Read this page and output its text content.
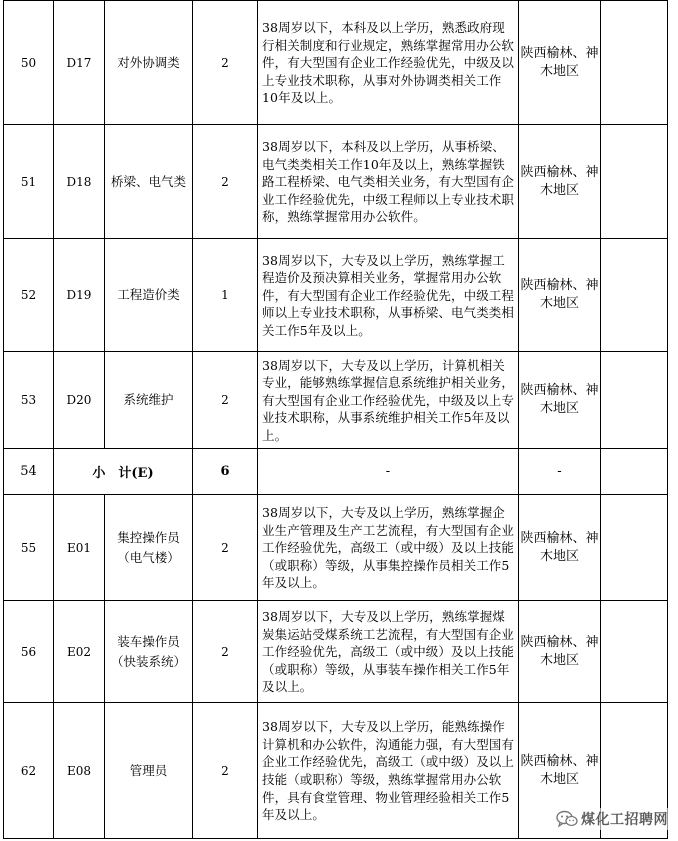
50	D17	对外协调类	2	38周岁以下，本科及以上学历，熟悉政府现行相关制度和行业规定，熟练掌握常用办公软件，有大型国有企业工作经验优先，中级及以上专业技术职称，从事对外协调类相关工作10年及以上。	陕西榆林、神木地区	
51	D18	桥梁、电气类	2	38周岁以下，本科及以上学历，从事桥梁、电气类类相关工作10年及以上，熟练掌握铁路工程桥梁、电气类相关业务，有大型国有企业工作经验优先，中级工程师以上专业技术职称，熟练掌握常用办公软件。	陕西榆林、神木地区	
52	D19	工程造价类	1	38周岁以下，大专及以上学历，熟练掌握工程造价及预决算相关业务，掌握常用办公软件，有大型国有企业工作经验优先，中级工程师以上专业技术职称，从事桥梁、电气类类相关工作5年及以上。	陕西榆林、神木地区	
53	D20	系统维护	2	38周岁以下，大专及以上学历，计算机相关专业，能够熟练掌握信息系统维护相关业务，有大型国有企业工作经验优先，中级及以上专业技术职称，从事系统维护相关工作5年及以上。	陕西榆林、神木地区	
54	小　计(E)		6	-	-	
55	E01	集控操作员（电气楼）	2	38周岁以下，大专及以上学历，熟练掌握企业生产管理及生产工艺流程，有大型国有企业工作经验优先，高级工（或中级）及以上技能（或职称）等级，从事集控操作员相关工作5年及以上。	陕西榆林、神木地区	
56	E02	装车操作员（快装系统）	2	38周岁以下，大专及以上学历，熟练掌握煤炭集运站受煤系统工艺流程，有大型国有企业工作经验优先，高级工（或中级）及以上技能（或职称）等级，从事装车操作相关工作5年及以上。	陕西榆林、神木地区	
62	E08	管理员	2	38周岁以下，大专及以上学历，能熟练操作计算机和办公软件，沟通能力强，有大型国有企业工作经验优先，高级工（或中级）及以上技能（或职称）等级，熟练掌握常用办公软件，具有食堂管理、物业管理经验相关工作5年及以上。	陕西榆林、神木地区	
煤化工招聘网
